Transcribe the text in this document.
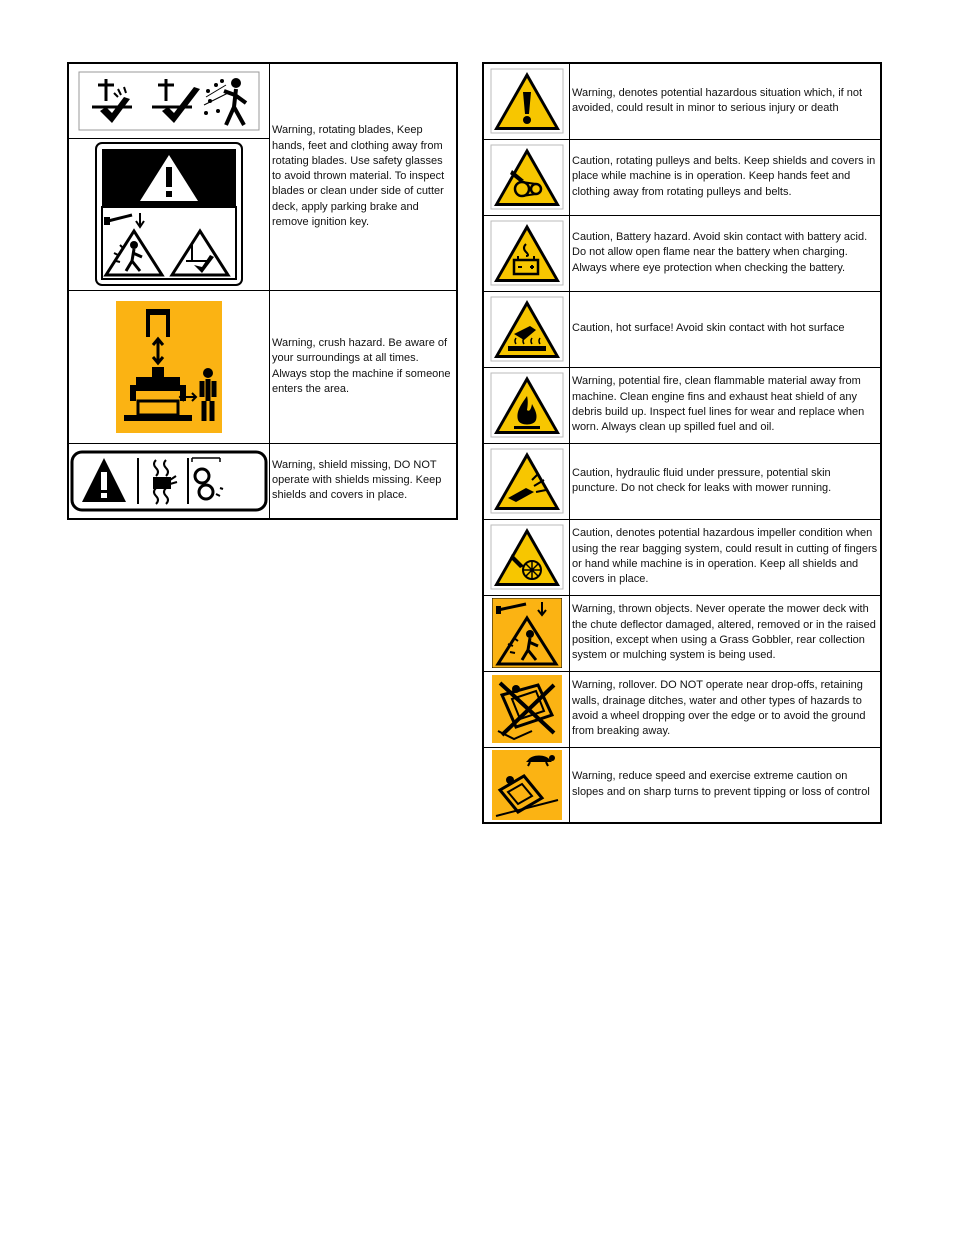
Warning, rotating blades, Keep hands, feet and clothing away from rotating blades. Use safety glasses to avoid thrown material. To inspect blades or clean under side of cutter deck, apply parking brake and remove ignition key.

Warning, crush hazard. Be aware of your surroundings at all times. Always stop the machine if someone enters the area.

Warning, shield missing, DO NOT operate with shields missing. Keep shields and covers in place.

Warning, denotes potential hazardous situation which, if not avoided, could result in minor to serious injury or death

Caution, rotating pulleys and belts. Keep shields and covers in place while machine is in operation. Keep hands feet and clothing away from rotating pulleys and belts.

Caution, Battery hazard. Avoid skin contact with battery acid. Do not allow open flame near the battery when charging. Always where eye protection when checking the battery.

Caution, hot surface! Avoid skin contact with hot surface

Warning, potential fire, clean flammable material away from machine. Clean engine fins and exhaust heat shield of any debris build up. Inspect fuel lines for wear and replace when worn. Always clean up spilled fuel and oil.

Caution, hydraulic fluid under pressure, potential skin puncture. Do not check for leaks with mower running.

Caution, denotes potential hazardous impeller condition when using the rear bagging system, could result in cutting of fingers or hand while machine is in operation. Keep all shields and covers in place.

Warning, thrown objects. Never operate the mower deck with the chute deflector damaged, altered, removed or in the raised position, except when using a Grass Gobbler, rear collection system or mulching system is being used.

Warning, rollover. DO NOT operate near drop-offs, retaining walls, drainage ditches, water and other types of hazards to avoid a wheel dropping over the edge or to avoid the ground from breaking away.

Warning, reduce speed and exercise extreme caution on slopes and on sharp turns to prevent tipping or loss of control
